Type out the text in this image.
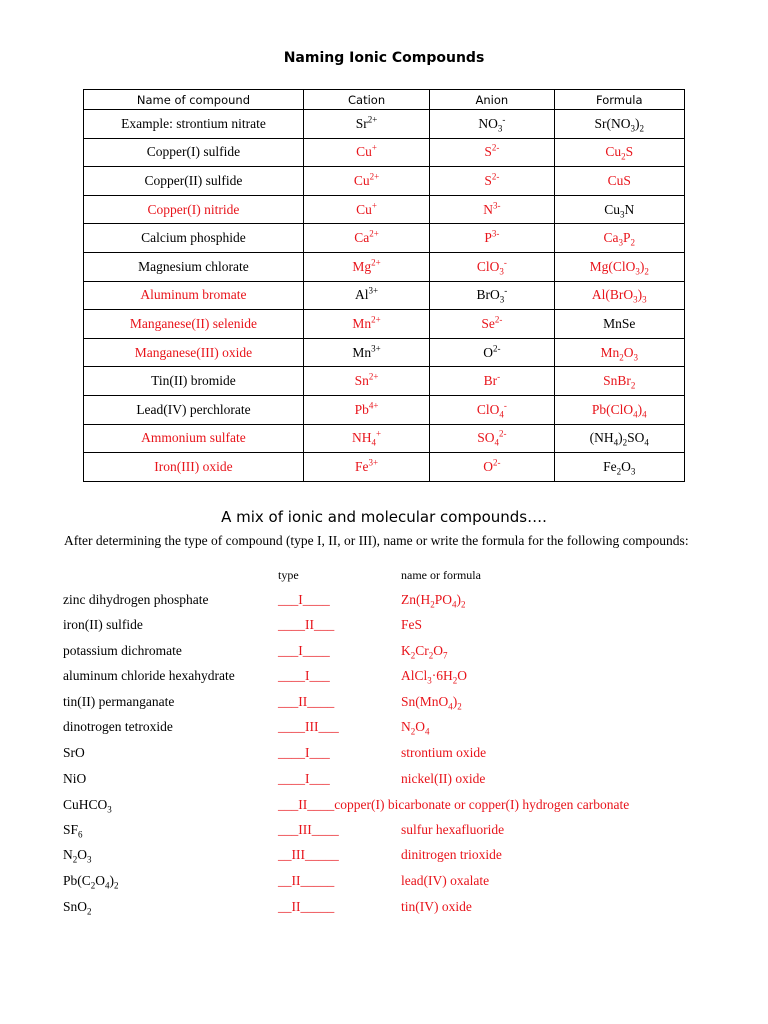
Naming Ionic Compounds
Name of compound	Cation	Anion	Formula
Example: strontium nitrate	$Sr^{2+}$	$NO_3^-$	$Sr(NO_3)_2$
Copper(I) sulfide	Cu+	$S^{2-}$	$Cu_2S$
Copper(II) sulfide	$Cu^{2+}$	$S^{2-}$	CuS
Copper(I) nitride	Cu+	$N^{3-}$	$Cu_3N$
Calcium phosphide	$Ca^{2+}$	$P^{3-}$	$Ca_3P_2$
Magnesium chlorate	$Mg^{2+}$	ClO$_3$-	$Mg(ClO_3)_2$
Aluminum bromate	$Al^{3+}$	BrO$_3$-	$Al(BrO_3)_3$
Manganese(II) selenide	$Mn^{2+}$	$Se^{2-}$	MnSe
Manganese(III) oxide	$Mn^{3+}$	$O^{2-}$	$Mn_2O_3$
Tin(II) bromide	$Sn^{2+}$	Br-	SnBr$_2$
Lead(IV) perchlorate	$Pb^{4+}$	ClO$_4$-	$Pb(ClO_4)_4$
Ammonium sulfate	$NH_4^+$	$SO_4^{2-}$	$(NH_4)_2SO_4$
Iron(III) oxide	$Fe^{3+}$	$O^{2-}$	$Fe_2O_3$
A mix of ionic and molecular compounds….
After determining the type of compound (type I, II, or III), name or write the formula for the following compounds:
type	name or formula
zinc dihydrogen phosphate	___I____	$Zn(H_2PO_4)_2$
iron(II) sulfide	____II___	FeS
potassium dichromate	___I____	$K_2Cr_2O_7$
aluminum chloride hexahydrate	____I___	$AlCl_3\cdot 6H_2O$
tin(II) permanganate	___II____	$Sn(MnO_4)_2$
dinotrogen tetroxide	____III___	$N_2O_4$
SrO	____I___	strontium oxide
NiO	____I___	nickel(II) oxide
CuHCO$_3$	___II____copper(I) bicarbonate or copper(I) hydrogen carbonate
$SF_6$	___III____	sulfur hexafluoride
$N_2O_3$	__III_____	dinitrogen trioxide
$Pb(C_2O_4)_2$	__II_____	lead(IV) oxalate
SnO$_2$	__II_____	tin(IV) oxide
